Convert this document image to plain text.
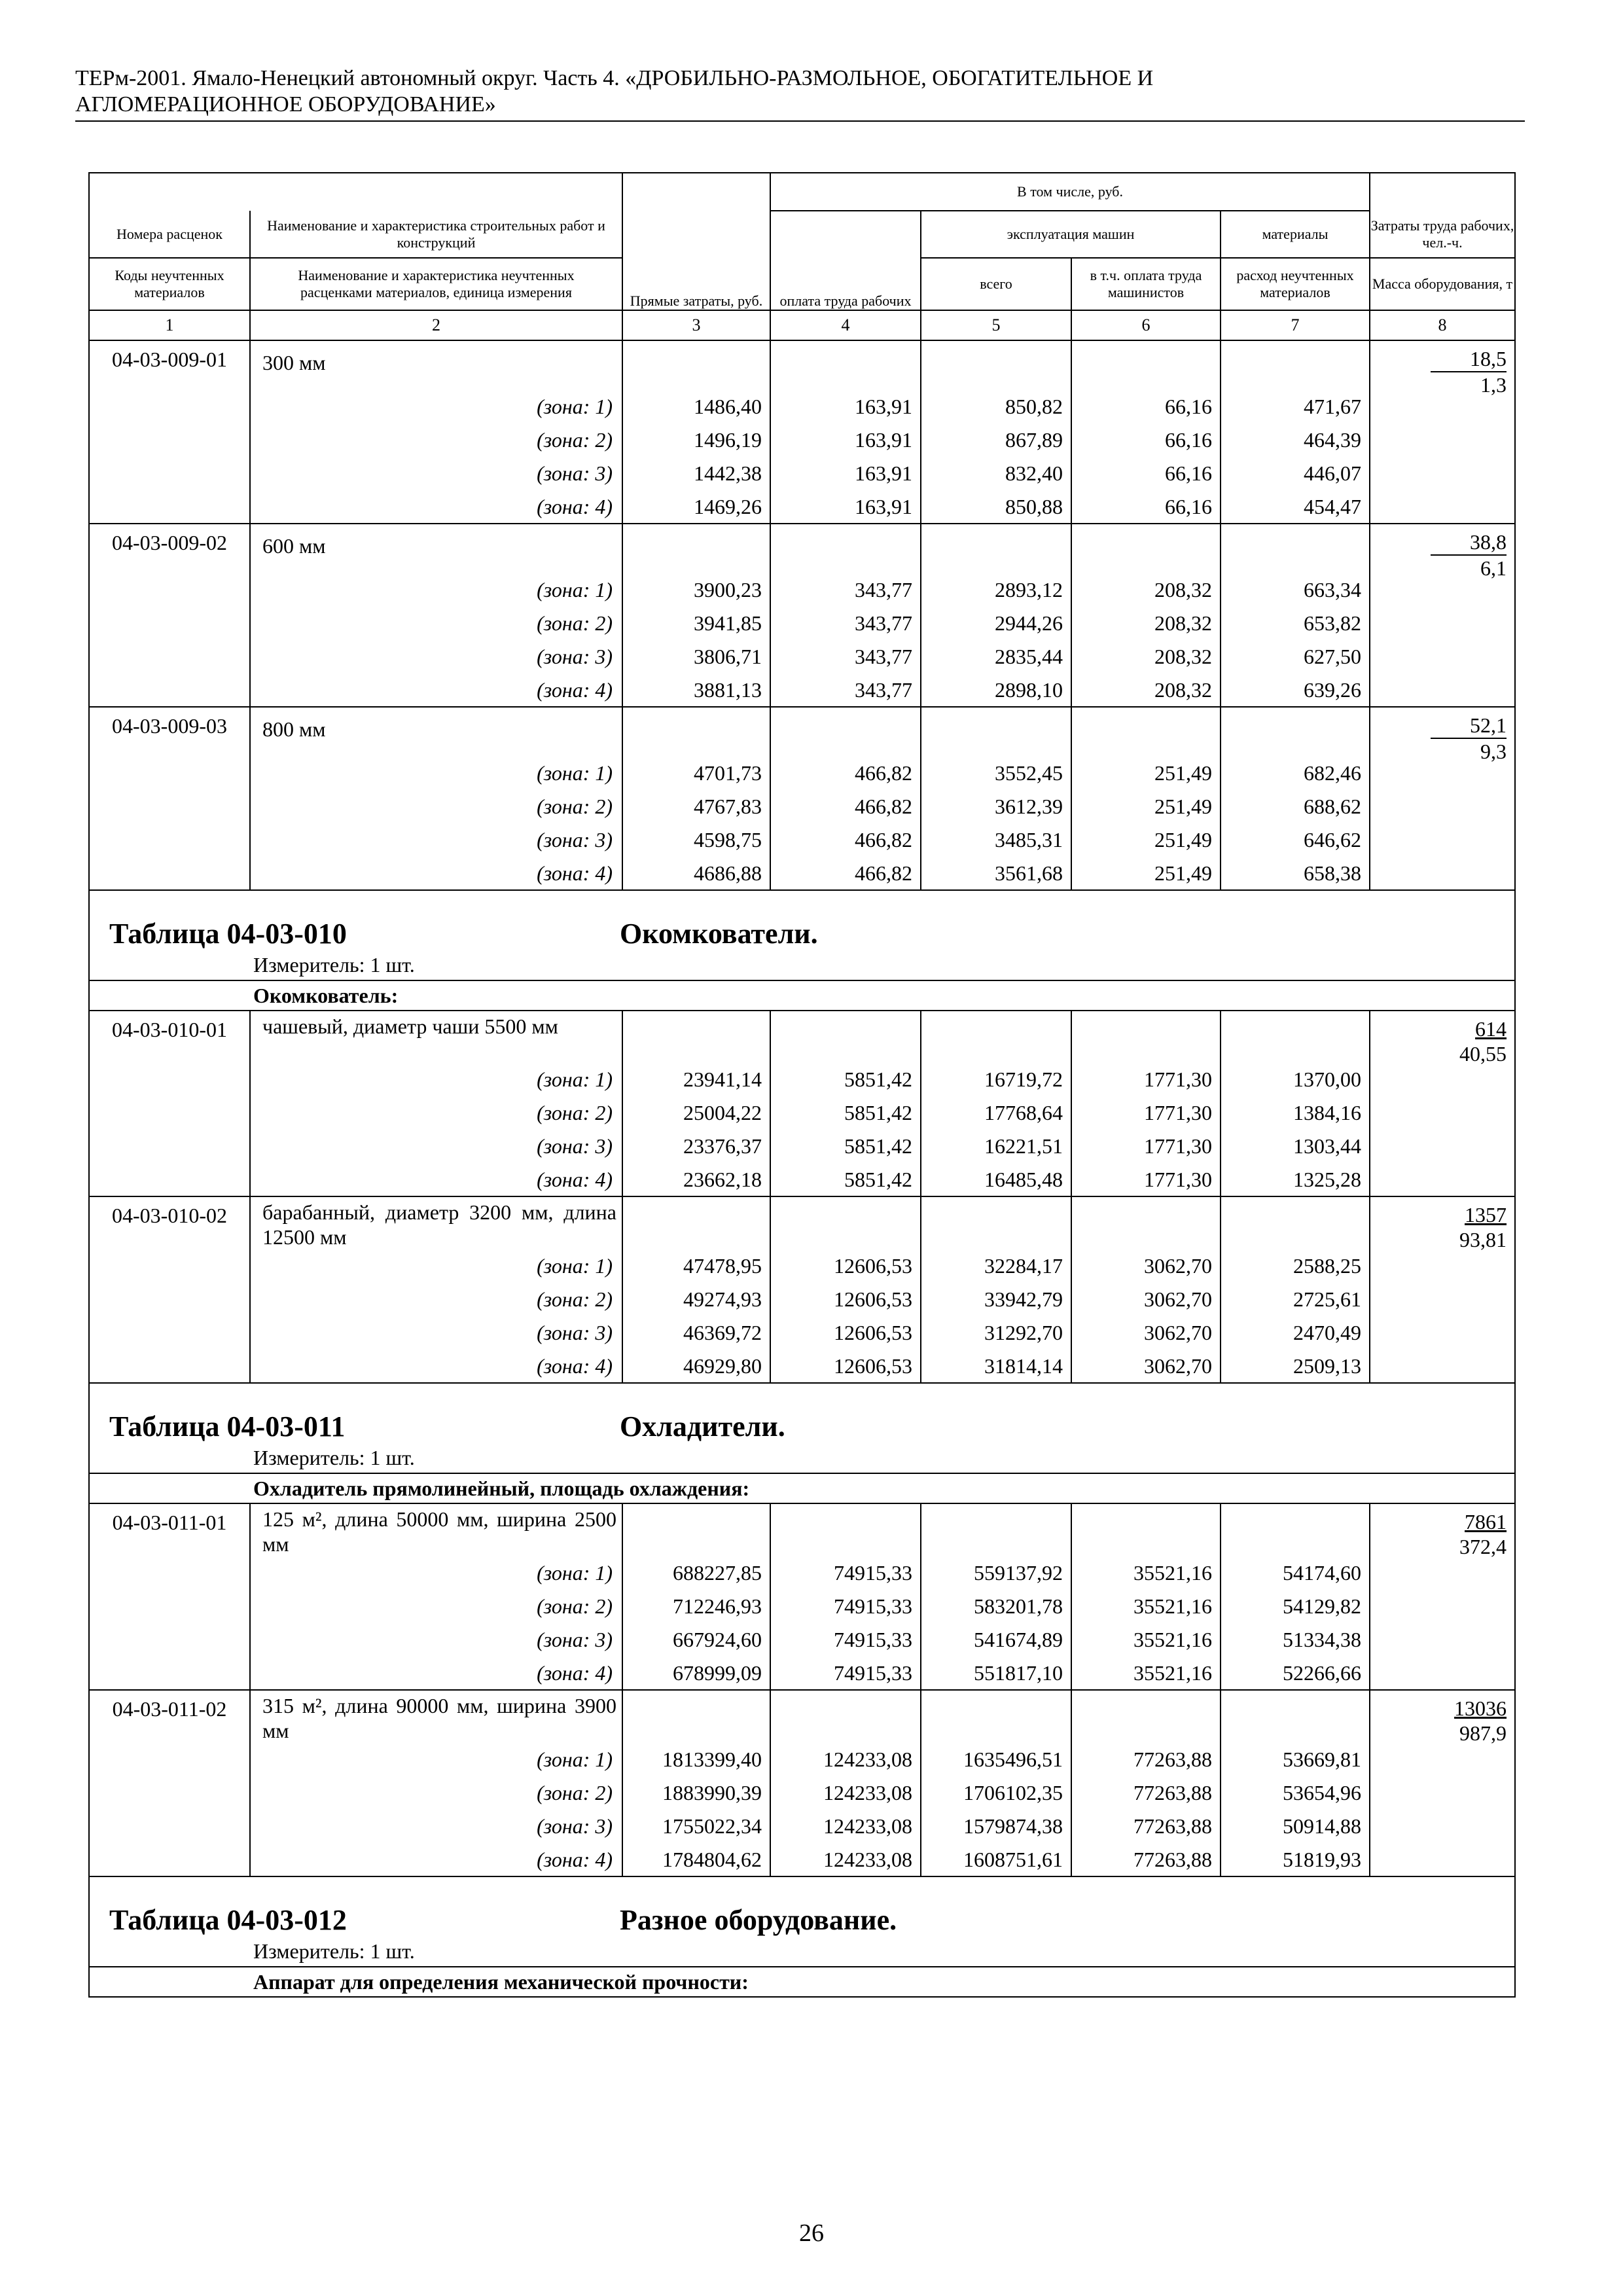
ТЕРм-2001. Ямало-Ненецкий автономный округ. Часть 4. «ДРОБИЛЬНО-РАЗМОЛЬНОЕ, ОБОГАТИТЕЛЬНОЕ И
АГЛОМЕРАЦИОННОЕ ОБОРУДОВАНИЕ»
			В том числе, руб.				
Номера расценок	Наименование и характеристика строительных работ и конструкций	Прямые затраты, руб.	оплата труда рабочих	эксплуатация машин		материалы	Затраты труда рабочих, чел.-ч.
Коды неучтенных материалов	Наименование и характеристика неучтенных расценками материалов, единица измерения			всего	в т.ч. оплата труда машинистов	расход неучтенных материалов	Масса оборудования, т
1	2	3	4	5	6	7	8
04-03-009-01	300 мм						$\frac{18,5}{1,3}$

	(зона: 1)	1486,40	163,91	850,82	66,16	471,67	
	(зона: 2)	1496,19	163,91	867,89	66,16	464,39	
	(зона: 3)	1442,38	163,91	832,40	66,16	446,07	
	(зона: 4)	1469,26	163,91	850,88	66,16	454,47	
04-03-009-02	600 мм						$\frac{38,8}{6,1}$

	(зона: 1)	3900,23	343,77	2893,12	208,32	663,34	
	(зона: 2)	3941,85	343,77	2944,26	208,32	653,82	
	(зона: 3)	3806,71	343,77	2835,44	208,32	627,50	
	(зона: 4)	3881,13	343,77	2898,10	208,32	639,26	
04-03-009-03	800 мм						$\frac{52,1}{9,3}$

	(зона: 1)	4701,73	466,82	3552,45	251,49	682,46	
	(зона: 2)	4767,83	466,82	3612,39	251,49	688,62	
	(зона: 3)	4598,75	466,82	3485,31	251,49	646,62	
	(зона: 4)	4686,88	466,82	3561,68	251,49	658,38	

Таблица 04-03-010 Окомкователи.							

Измеритель: 1 шт.							
Окомкователь:							
04-03-010-01	чашевый, диаметр чаши 5500 мм						$\frac{614}{40,55}$

	(зона: 1)	23941,14	5851,42	16719,72	1771,30	1370,00	
	(зона: 2)	25004,22	5851,42	17768,64	1771,30	1384,16	
	(зона: 3)	23376,37	5851,42	16221,51	1771,30	1303,44	
	(зона: 4)	23662,18	5851,42	16485,48	1771,30	1325,28	
04-03-010-02	барабанный, диаметр 3200 мм, длина 12500 мм						$\frac{1357}{93,81}$

	(зона: 1)	47478,95	12606,53	32284,17	3062,70	2588,25	
	(зона: 2)	49274,93	12606,53	33942,79	3062,70	2725,61	
	(зона: 3)	46369,72	12606,53	31292,70	3062,70	2470,49	
	(зона: 4)	46929,80	12606,53	31814,14	3062,70	2509,13	

Таблица 04-03-011 Охладители.							

Измеритель: 1 шт.							
Охладитель прямолинейный, площадь охлаждения:							
04-03-011-01	125 м², длина 50000 мм, ширина 2500 мм						$\frac{7861}{372,4}$

	(зона: 1)	688227,85	74915,33	559137,92	35521,16	54174,60	
	(зона: 2)	712246,93	74915,33	583201,78	35521,16	54129,82	
	(зона: 3)	667924,60	74915,33	541674,89	35521,16	51334,38	
	(зона: 4)	678999,09	74915,33	551817,10	35521,16	52266,66	
04-03-011-02	315 м², длина 90000 мм, ширина 3900 мм						$\frac{13036}{987,9}$

	(зона: 1)	1813399,40	124233,08	1635496,51	77263,88	53669,81	
	(зона: 2)	1883990,39	124233,08	1706102,35	77263,88	53654,96	
	(зона: 3)	1755022,34	124233,08	1579874,38	77263,88	50914,88	
	(зона: 4)	1784804,62	124233,08	1608751,61	77263,88	51819,93	

Таблица 04-03-012 Разное оборудование.							

Измеритель: 1 шт.							
Аппарат для определения механической прочности:							
26
